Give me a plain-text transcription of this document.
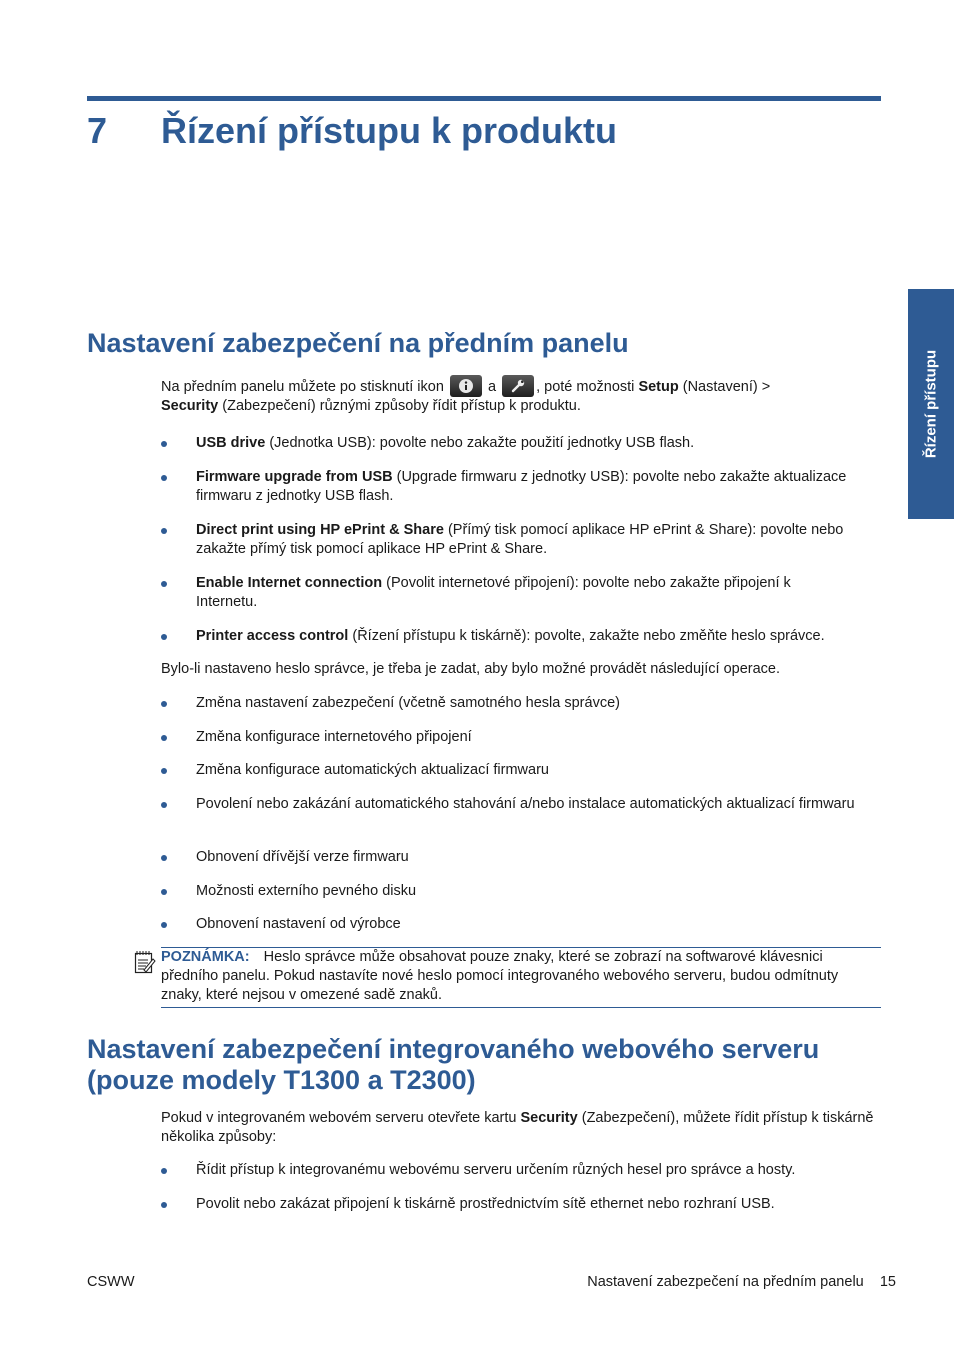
7 Řízení přístupu k produktu
Řízení přístupu
Nastavení zabezpečení na předním panelu

Na předním panelu můžete po stisknutí ikon	a	, poté možnosti Setup (Nastavení) >
Security (Zabezpečení) různými způsoby řídit přístup k produktu.

USB drive (Jednotka USB): povolte nebo zakažte použití jednotky USB flash.
Firmware upgrade from USB (Upgrade firmwaru z jednotky USB): povolte nebo zakažte aktualizace firmwaru z jednotky USB flash.
Direct print using HP ePrint & Share (Přímý tisk pomocí aplikace HP ePrint & Share): povolte nebo zakažte přímý tisk pomocí aplikace HP ePrint & Share.
Enable Internet connection (Povolit internetové připojení): povolte nebo zakažte připojení k Internetu.
Printer access control (Řízení přístupu k tiskárně): povolte, zakažte nebo změňte heslo správce.

Bylo-li nastaveno heslo správce, je třeba je zadat, aby bylo možné provádět následující operace.

Změna nastavení zabezpečení (včetně samotného hesla správce)
Změna konfigurace internetového připojení
Změna konfigurace automatických aktualizací firmwaru
Povolení nebo zakázání automatického stahování a/nebo instalace automatických aktualizací firmwaru
Obnovení dřívější verze firmwaru
Možnosti externího pevného disku
Obnovení nastavení od výrobce
POZNÁMKA: Heslo správce může obsahovat pouze znaky, které se zobrazí na softwarové klávesnici předního panelu. Pokud nastavíte nové heslo pomocí integrovaného webového serveru, budou odmítnuty znaky, které nejsou v omezené sadě znaků.
Nastavení zabezpečení integrovaného webového serveru
(pouze modely T1300 a T2300)

Pokud v integrovaném webovém serveru otevřete kartu Security (Zabezpečení), můžete řídit přístup k tiskárně několika způsoby:

Řídit přístup k integrovanému webovému serveru určením různých hesel pro správce a hosty.
Povolit nebo zakázat připojení k tiskárně prostřednictvím sítě ethernet nebo rozhraní USB.
CSWW	Nastavení zabezpečení na předním panelu 15
